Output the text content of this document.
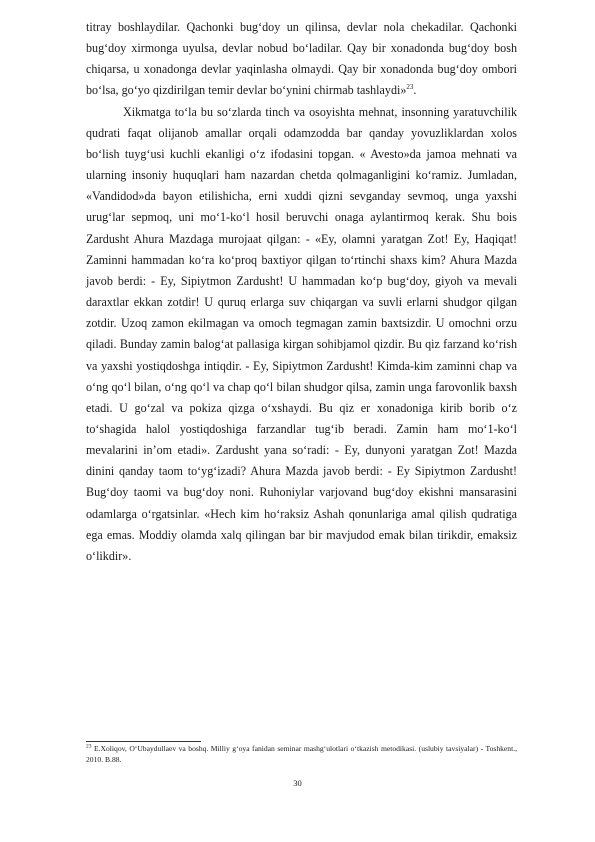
titray boshlaydilar. Qachonki bug‘doy un qilinsa, devlar nola chekadilar. Qachonki bug‘doy xirmonga uyulsa, devlar nobud bo‘ladilar. Qay bir xonadonda bug‘doy bosh chiqarsa, u xonadonga devlar yaqinlasha olmaydi. Qay bir xonadonda bug‘doy ombori bo‘lsa, go‘yo qizdirilgan temir devlar bo‘ynini chirmab tashlaydi»$^{23}$.

Xikmatga to‘la bu so‘zlarda tinch va osoyishta mehnat, insonning yaratuvchilik qudrati faqat olijanob amallar orqali odamzodda bar qanday yovuzliklardan xolos bo‘lish tuyg‘usi kuchli ekanligi o‘z ifodasini topgan. « Avesto»da jamoa mehnati va ularning insoniy huquqlari ham nazardan chetda qolmaganligini ko‘ramiz. Jumladan, «Vandidod»da bayon etilishicha, erni xuddi qizni sevganday sevmoq, unga yaxshi urug‘lar sepmoq, uni mo‘1-ko‘l hosil beruvchi onaga aylantirmoq kerak. Shu bois Zardusht Ahura Mazdaga murojaat qilgan: - «Ey, olamni yaratgan Zot! Ey, Haqiqat! Zaminni hammadan ko‘ra ko‘proq baxtiyor qilgan to‘rtinchi shaxs kim? Ahura Mazda javob berdi: - Ey, Sipiytmon Zardusht! U hammadan ko‘p bug‘doy, giyoh va mevali daraxtlar ekkan zotdir! U quruq erlarga suv chiqargan va suvli erlarni shudgor qilgan zotdir. Uzoq zamon ekilmagan va omoch tegmagan zamin baxtsizdir. U omochni orzu qiladi. Bunday zamin balog‘at pallasiga kirgan sohibjamol qizdir. Bu qiz farzand ko‘rish va yaxshi yostiqdoshga intiqdir. - Ey, Sipiytmon Zardusht! Kimda-kim zaminni chap va o‘ng qo‘l bilan, o‘ng qo‘l va chap qo‘l bilan shudgor qilsa, zamin unga farovonlik baxsh etadi. U go‘zal va pokiza qizga o‘xshaydi. Bu qiz er xonadoniga kirib borib o‘z to‘shagida halol yostiqdoshiga farzandlar tug‘ib beradi. Zamin ham mo‘1-ko‘l mevalarini in’om etadi». Zardusht yana so‘radi: - Ey, dunyoni yaratgan Zot! Mazda dinini qanday taom to‘yg‘izadi? Ahura Mazda javob berdi: - Ey Sipiytmon Zardusht! Bug‘doy taomi va bug‘doy noni. Ruhoniylar varjovand bug‘doy ekishni mansarasini odamlarga o‘rgatsinlar. «Hech kim ho‘raksiz Ashah qonunlariga amal qilish qudratiga ega emas. Moddiy olamda xalq qilingan bar bir mavjudod emak bilan tirikdir, emaksiz o‘likdir».

$^{23}$ E.Xoliqov, O‘Ubaydullaev va boshq. Milliy g‘oya fanidan seminar mashg‘ulotlari o‘tkazish metodikasi. (uslubiy tavsiyalar) - Toshkent., 2010. B.88.

30
